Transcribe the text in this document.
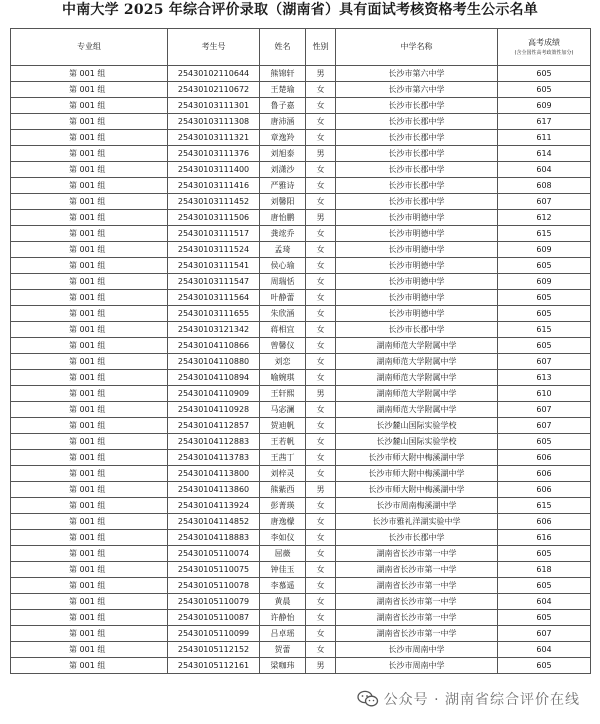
中南大学 2025 年综合评价录取（湖南省）具有面试考核资格考生公示名单
专业组	考生号	姓名	性别	中学名称	高考成绩
(含全国性高考政策性加分)

第 001 组	25430102110644	熊锦轩	男	长沙市第六中学	605
第 001 组	25430102110672	王楚瑜	女	长沙市第六中学	605
第 001 组	25430103111301	鲁子嘉	女	长沙市长郡中学	609
第 001 组	25430103111308	唐沛涵	女	长沙市长郡中学	617
第 001 组	25430103111321	章逸羚	女	长沙市长郡中学	611
第 001 组	25430103111376	刘旭泰	男	长沙市长郡中学	614
第 001 组	25430103111400	刘潇沙	女	长沙市长郡中学	604
第 001 组	25430103111416	严雅诗	女	长沙市长郡中学	608
第 001 组	25430103111452	刘馨阳	女	长沙市长郡中学	607
第 001 组	25430103111506	唐怡鹏	男	长沙市明德中学	612
第 001 组	25430103111517	龚竤乔	女	长沙市明德中学	615
第 001 组	25430103111524	孟琦	女	长沙市明德中学	609
第 001 组	25430103111541	侯心瑜	女	长沙市明德中学	605
第 001 组	25430103111547	周瑞恬	女	长沙市明德中学	609
第 001 组	25430103111564	叶静蕾	女	长沙市明德中学	605
第 001 组	25430103111655	朱欣涵	女	长沙市明德中学	605
第 001 组	25430103121342	蒋相宜	女	长沙市长郡中学	615
第 001 组	25430104110866	曾馨仪	女	湖南师范大学附属中学	605
第 001 组	25430104110880	刘恋	女	湖南师范大学附属中学	607
第 001 组	25430104110894	喻婉琪	女	湖南师范大学附属中学	613
第 001 组	25430104110909	王轩熙	男	湖南师范大学附属中学	610
第 001 组	25430104110928	马宓澜	女	湖南师范大学附属中学	607
第 001 组	25430104112857	贺迪帆	女	长沙麓山国际实验学校	607
第 001 组	25430104112883	王若帆	女	长沙麓山国际实验学校	605
第 001 组	25430104113783	王茜丁	女	长沙市师大附中梅溪湖中学	606
第 001 组	25430104113800	刘梓灵	女	长沙市师大附中梅溪湖中学	606
第 001 组	25430104113860	熊紫西	男	长沙市师大附中梅溪湖中学	606
第 001 组	25430104113924	彭菁瑛	女	长沙市周南梅溪湖中学	615
第 001 组	25430104114852	唐逸檬	女	长沙市雅礼洋湖实验中学	606
第 001 组	25430104118883	李如仪	女	长沙市长郡中学	616
第 001 组	25430105110074	屈薇	女	湖南省长沙市第一中学	605
第 001 组	25430105110075	钟佳玉	女	湖南省长沙市第一中学	618
第 001 组	25430105110078	李慕遥	女	湖南省长沙市第一中学	605
第 001 组	25430105110079	黄晨	女	湖南省长沙市第一中学	604
第 001 组	25430105110087	许静怡	女	湖南省长沙市第一中学	605
第 001 组	25430105110099	吕卓瑶	女	湖南省长沙市第一中学	607
第 001 组	25430105112152	贺蕾	女	长沙市周南中学	604
第 001 组	25430105112161	梁咖玮	男	长沙市周南中学	605
公众号 · 湖南省综合评价在线
